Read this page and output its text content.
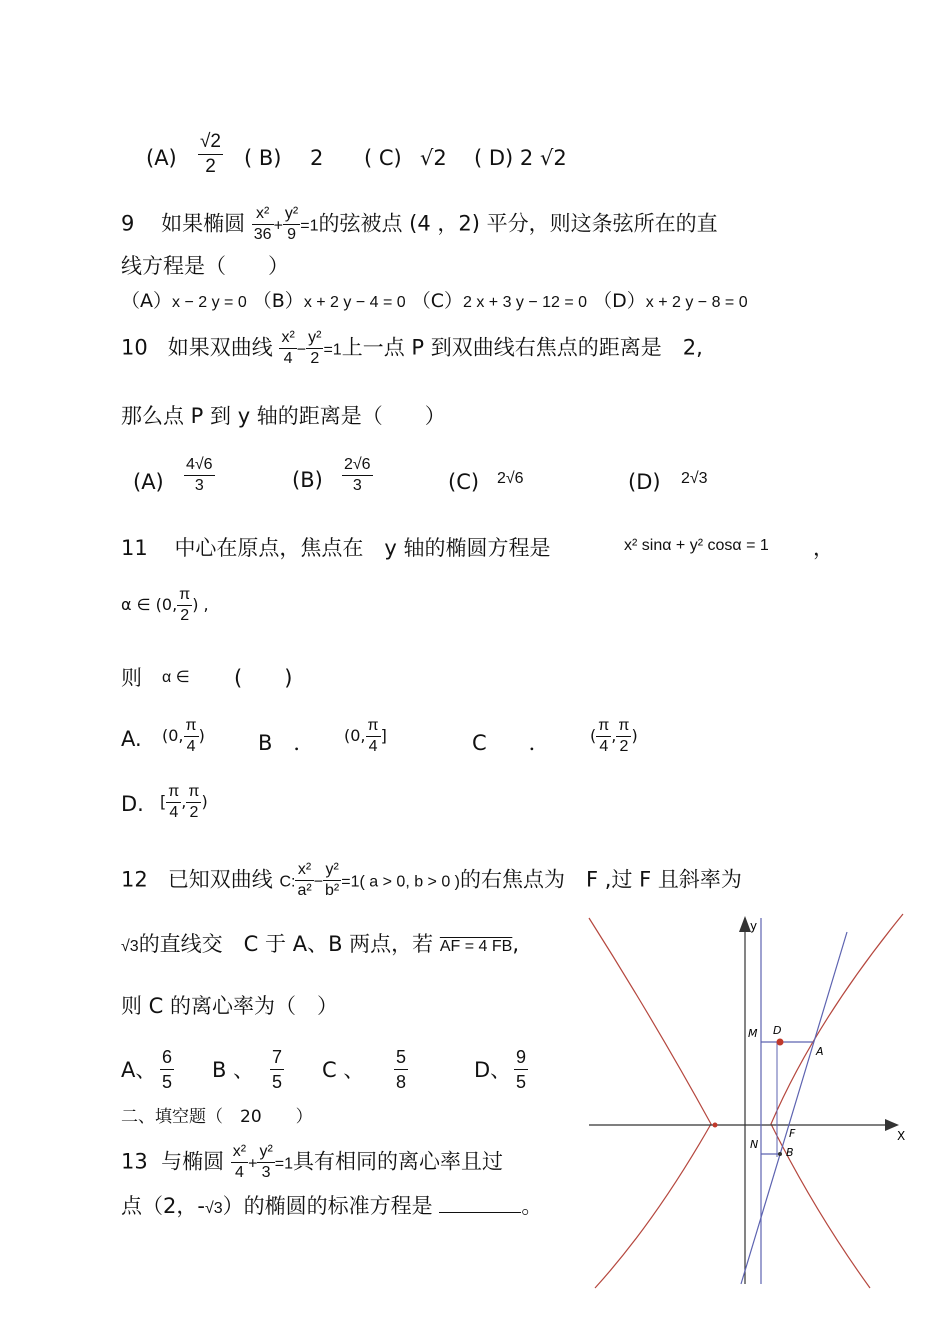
$(A) \frac{√2}{2}$ ( B) 2 ( C) √2 ( D) 2 √2
9 如果椭圆 $\frac{\text{x²}}{36} + \frac{\text{y²}}{9} =1$的弦被点 (4 ，2) 平分，则这条弦所在的直
线方程是（　　）
（A）x − 2 y = 0 （B）x + 2 y − 4 = 0 （C）2 x + 3 y − 12 = 0 （D）x + 2 y − 8 = 0
10 如果双曲线 $\frac{\text{x²}}{4} - \frac{\text{y²}}{2} =1$上一点 P 到双曲线右焦点的距离是　2,
那么点 P 到 y 轴的距离是（　　）
$(A) \frac{4√6}{3}$	$(B) \frac{2√6}{3}$	(C) 2√6	(D) 2√3
11 中心在原点，焦点在　y 轴的椭圆方程是	x² sinα + y² cosα = 1 ，
α ∈ (0, $\frac{\pi}{2}$ ) ,
则 α ∈ (　　)
A. (0, $\frac{\pi}{4}$ )	B　． (0, $\frac{\pi}{4}$ ]	C　　．	( $\frac{\pi}{4}$ , $\frac{\pi}{2}$ )
D. [ $\frac{\pi}{4}$ , $\frac{\pi}{2}$ )
12 已知双曲线 C: $\frac{\text{x²}}{\text{a²}} - \frac{\text{y²}}{\text{b²}} =1$( a > 0, b > 0 )的右焦点为　F ,过 F 且斜率为
√3的直线交　C 于 A、B 两点，若 AF = 4 FB,
则 C 的离心率为（　）
A、 $\frac{6}{5}$ B 、 $\frac{7}{5}$ C 、 $\frac{5}{8}$	D、 $\frac{9}{5}$
二、填空题（　20　　）
13 与椭圆 $\frac{\text{x²}}{4} + \frac{\text{y²}}{3} =1$具有相同的离心率且过
点（2，-√3）的椭圆的标准方程是	。
y
X
M D
A
N
F
B
